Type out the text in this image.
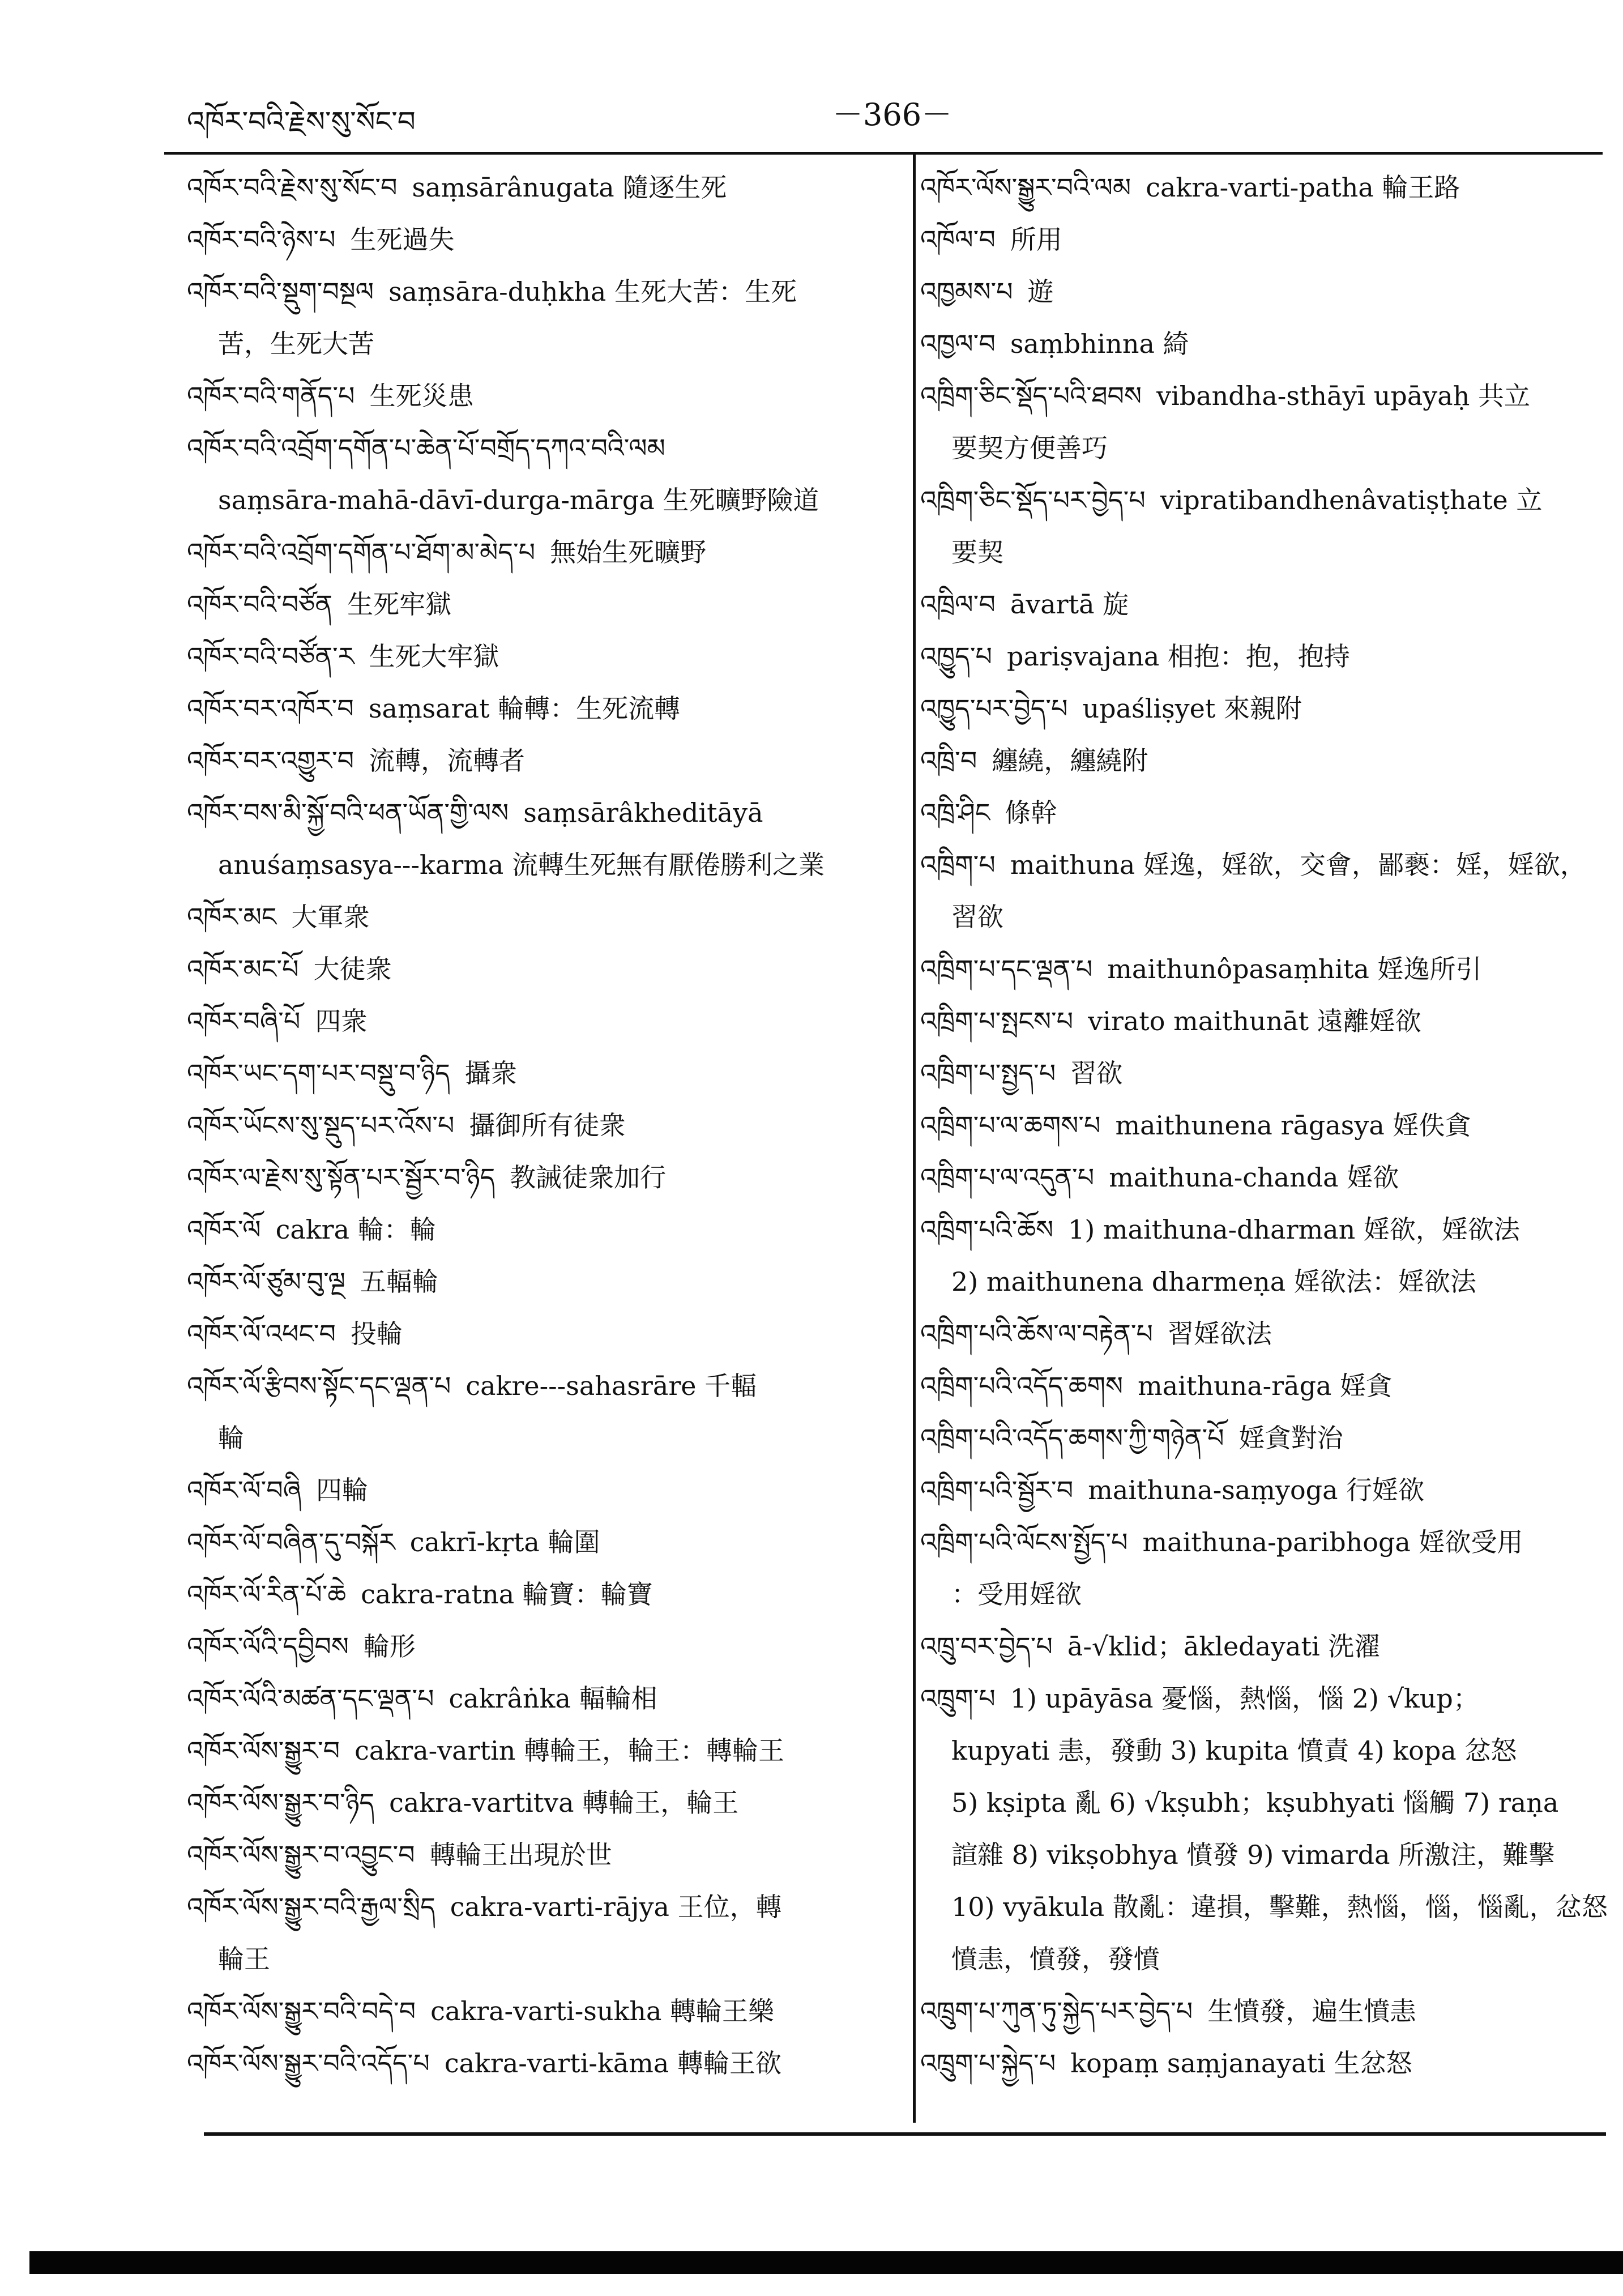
འཁོར་བའི་རྗེས་སུ་སོང་བ	－366－
འཁོར་བའི་རྗེས་སུ་སོང་བ saṃsārânugata 隨逐生死
འཁོར་བའི་ཉེས་པ 生死過失
འཁོར་བའི་སྡུག་བསྔལ saṃsāra-duḥkha 生死大苦：生死
苦，生死大苦
འཁོར་བའི་གནོད་པ 生死災患
འཁོར་བའི་འབྲོག་དགོན་པ་ཆེན་པོ་བགྲོད་དཀའ་བའི་ལམ
saṃsāra-mahā-dāvī-durga-mārga 生死曠野險道
འཁོར་བའི་འབྲོག་དགོན་པ་ཐོག་མ་མེད་པ 無始生死曠野
འཁོར་བའི་བཙོན 生死牢獄
འཁོར་བའི་བཙོན་ར 生死大牢獄
འཁོར་བར་འཁོར་བ saṃsarat 輪轉：生死流轉
འཁོར་བར་འགྱུར་བ 流轉，流轉者
འཁོར་བས་མི་སྐྱོ་བའི་ཕན་ཡོན་གྱི་ལས saṃsārâkheditāyā
anuśaṃsasya---karma 流轉生死無有厭倦勝利之業
འཁོར་མང 大軍衆
འཁོར་མང་པོ 大徒衆
འཁོར་བཞི་པོ 四衆
འཁོར་ཡང་དག་པར་བསྡུ་བ་ཉིད 攝衆
འཁོར་ཡོངས་སུ་སྡུད་པར་འོས་པ 攝御所有徒衆
འཁོར་ལ་རྗེས་སུ་སྟོན་པར་སྦྱོར་བ་ཉིད 教誡徒衆加行
འཁོར་ལོ cakra 輪：輪
འཁོར་ལོ་ཙུམ་བུ་ལྔ 五輻輪
འཁོར་ལོ་འཕང་བ 投輪
འཁོར་ལོ་རྩིབས་སྟོང་དང་ལྡན་པ cakre---sahasrāre 千輻
輪
འཁོར་ལོ་བཞི 四輪
འཁོར་ལོ་བཞིན་དུ་བསྐོར cakrī-kṛta 輪圍
འཁོར་ལོ་རིན་པོ་ཆེ cakra-ratna 輪寶：輪寶
འཁོར་ལོའི་དབྱིབས 輪形
འཁོར་ལོའི་མཚན་དང་ལྡན་པ cakrâṅka 輻輪相
འཁོར་ལོས་སྒྱུར་བ cakra-vartin 轉輪王，輪王：轉輪王
འཁོར་ལོས་སྒྱུར་བ་ཉིད cakra-vartitva 轉輪王，輪王
འཁོར་ལོས་སྒྱུར་བ་འབྱུང་བ 轉輪王出現於世
འཁོར་ལོས་སྒྱུར་བའི་རྒྱལ་སྲིད cakra-varti-rājya 王位，轉
輪王
འཁོར་ལོས་སྒྱུར་བའི་བདེ་བ cakra-varti-sukha 轉輪王樂
འཁོར་ལོས་སྒྱུར་བའི་འདོད་པ cakra-varti-kāma 轉輪王欲
འཁོར་ལོས་སྒྱུར་བའི་ལམ cakra-varti-patha 輪王路
འཁོལ་བ 所用
འཁྱམས་པ 遊
འཁྱལ་བ saṃbhinna 綺
འཁྲིག་ཅིང་སྡོད་པའི་ཐབས vibandha-sthāyī upāyaḥ 共立
要契方便善巧
འཁྲིག་ཅིང་སྡོད་པར་བྱེད་པ vipratibandhenâvatiṣṭhate 立
要契
འཁྲིལ་བ āvartā 旋
འཁྱུད་པ pariṣvajana 相抱：抱，抱持
འཁྱུད་པར་བྱེད་པ upaśliṣyet 來親附
འཁྲི་བ 纏繞，纏繞附
འཁྲི་ཤིང 條幹
འཁྲིག་པ maithuna 婬逸，婬欲，交會，鄙褻：婬，婬欲，
習欲
འཁྲིག་པ་དང་ལྡན་པ maithunôpasaṃhita 婬逸所引
འཁྲིག་པ་སྤངས་པ virato maithunāt 遠離婬欲
འཁྲིག་པ་སྤྱད་པ 習欲
འཁྲིག་པ་ལ་ཆགས་པ maithunena rāgasya 婬佚貪
འཁྲིག་པ་ལ་འདུན་པ maithuna-chanda 婬欲
འཁྲིག་པའི་ཆོས 1) maithuna-dharman 婬欲，婬欲法
2) maithunena dharmeṇa 婬欲法：婬欲法
འཁྲིག་པའི་ཆོས་ལ་བརྟེན་པ 習婬欲法
འཁྲིག་པའི་འདོད་ཆགས maithuna-rāga 婬貪
འཁྲིག་པའི་འདོད་ཆགས་ཀྱི་གཉེན་པོ 婬貪對治
འཁྲིག་པའི་སྦྱོར་བ maithuna-saṃyoga 行婬欲
འཁྲིག་པའི་ལོངས་སྤྱོད་པ maithuna-paribhoga 婬欲受用
：受用婬欲
འཁྲུ་བར་བྱེད་པ ā-√klid；ākledayati 洗濯
འཁྲུག་པ 1) upāyāsa 憂惱，熱惱，惱 2) √kup；
kupyati 恚，發動 3) kupita 憤責 4) kopa 忿怒
5) kṣipta 亂 6) √kṣubh；kṣubhyati 惱觸 7) raṇa
諠雜 8) vikṣobhya 憤發 9) vimarda 所激注，難擊
10) vyākula 散亂：違損，擊難，熱惱，惱，惱亂，忿怒
憤恚，憤發，發憤
འཁྲུག་པ་ཀུན་ཏུ་སྐྱེད་པར་བྱེད་པ 生憤發，遍生憤恚
འཁྲུག་པ་སྐྱེད་པ kopaṃ saṃjanayati 生忿怒
